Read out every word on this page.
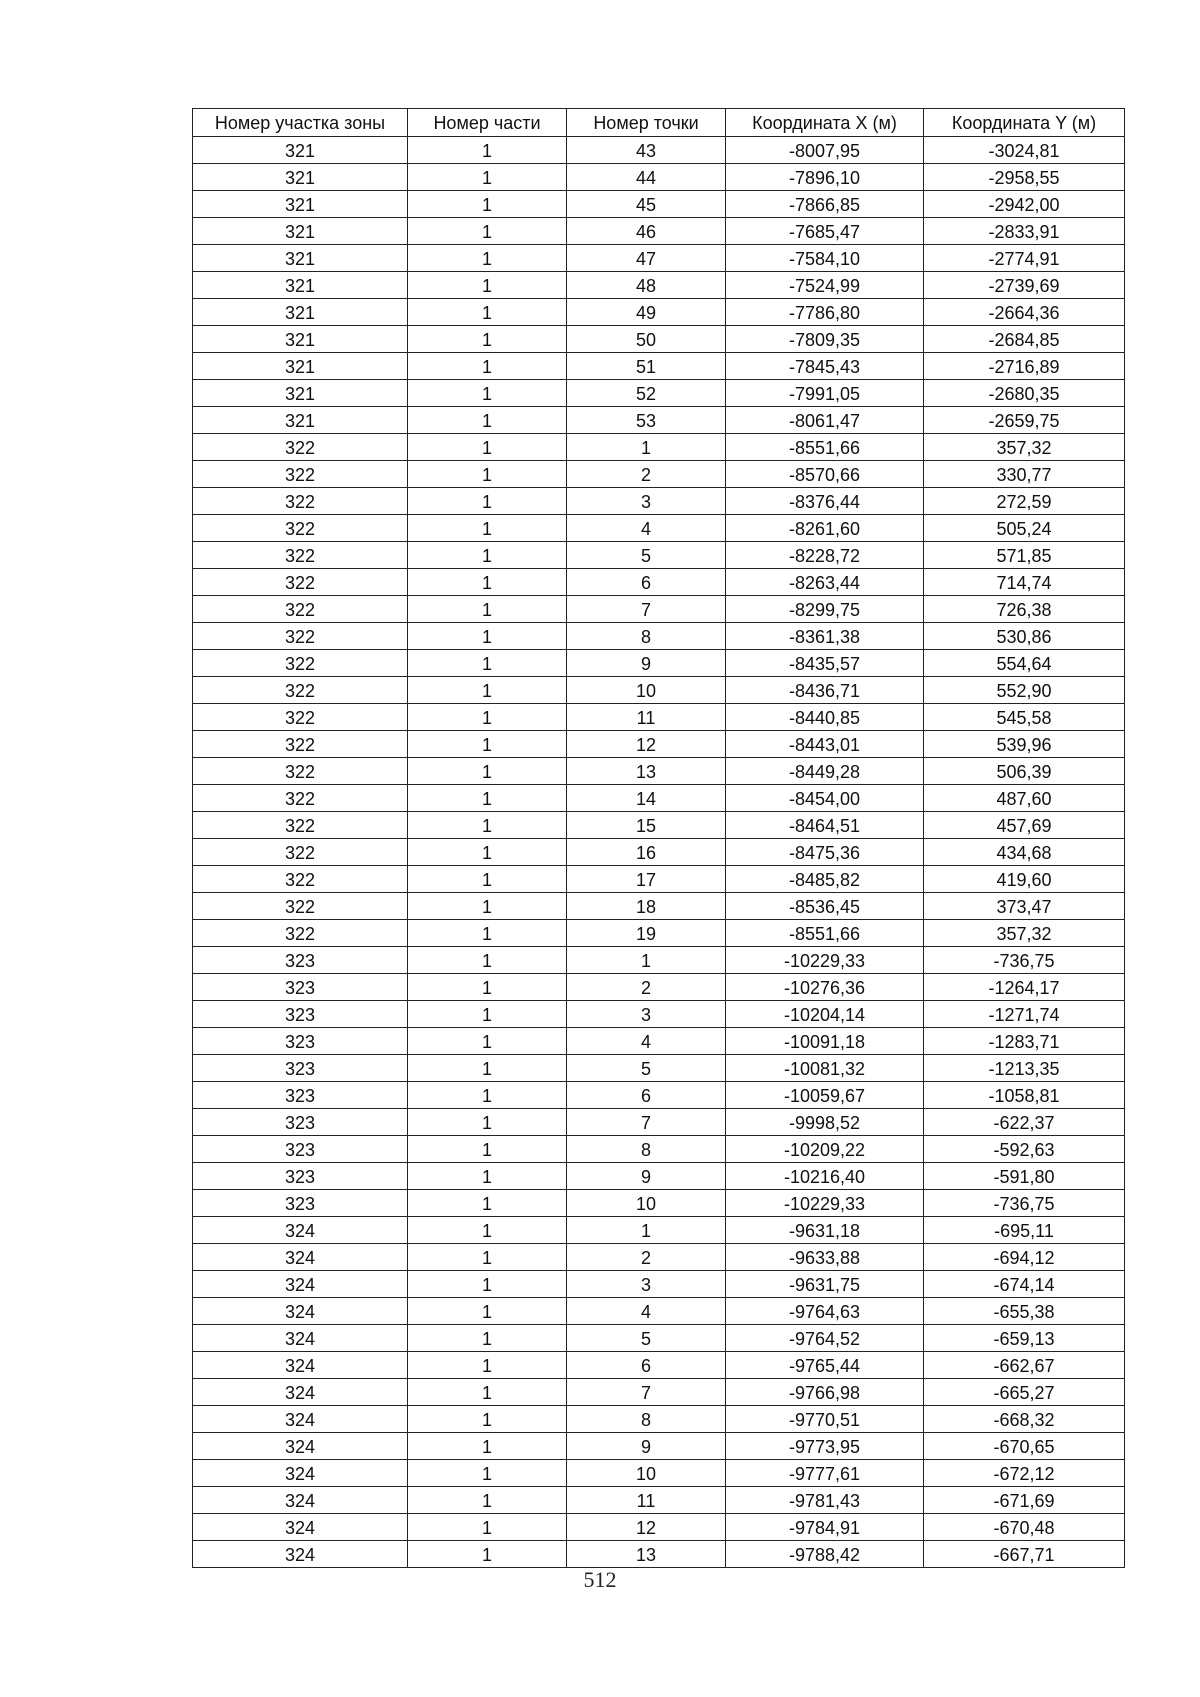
Номер участка зоны	Номер части	Номер точки	Координата X (м)	Координата Y (м)
321	1	43	-8007,95	-3024,81
321	1	44	-7896,10	-2958,55
321	1	45	-7866,85	-2942,00
321	1	46	-7685,47	-2833,91
321	1	47	-7584,10	-2774,91
321	1	48	-7524,99	-2739,69
321	1	49	-7786,80	-2664,36
321	1	50	-7809,35	-2684,85
321	1	51	-7845,43	-2716,89
321	1	52	-7991,05	-2680,35
321	1	53	-8061,47	-2659,75
322	1	1	-8551,66	357,32
322	1	2	-8570,66	330,77
322	1	3	-8376,44	272,59
322	1	4	-8261,60	505,24
322	1	5	-8228,72	571,85
322	1	6	-8263,44	714,74
322	1	7	-8299,75	726,38
322	1	8	-8361,38	530,86
322	1	9	-8435,57	554,64
322	1	10	-8436,71	552,90
322	1	11	-8440,85	545,58
322	1	12	-8443,01	539,96
322	1	13	-8449,28	506,39
322	1	14	-8454,00	487,60
322	1	15	-8464,51	457,69
322	1	16	-8475,36	434,68
322	1	17	-8485,82	419,60
322	1	18	-8536,45	373,47
322	1	19	-8551,66	357,32
323	1	1	-10229,33	-736,75
323	1	2	-10276,36	-1264,17
323	1	3	-10204,14	-1271,74
323	1	4	-10091,18	-1283,71
323	1	5	-10081,32	-1213,35
323	1	6	-10059,67	-1058,81
323	1	7	-9998,52	-622,37
323	1	8	-10209,22	-592,63
323	1	9	-10216,40	-591,80
323	1	10	-10229,33	-736,75
324	1	1	-9631,18	-695,11
324	1	2	-9633,88	-694,12
324	1	3	-9631,75	-674,14
324	1	4	-9764,63	-655,38
324	1	5	-9764,52	-659,13
324	1	6	-9765,44	-662,67
324	1	7	-9766,98	-665,27
324	1	8	-9770,51	-668,32
324	1	9	-9773,95	-670,65
324	1	10	-9777,61	-672,12
324	1	11	-9781,43	-671,69
324	1	12	-9784,91	-670,48
324	1	13	-9788,42	-667,71
512
